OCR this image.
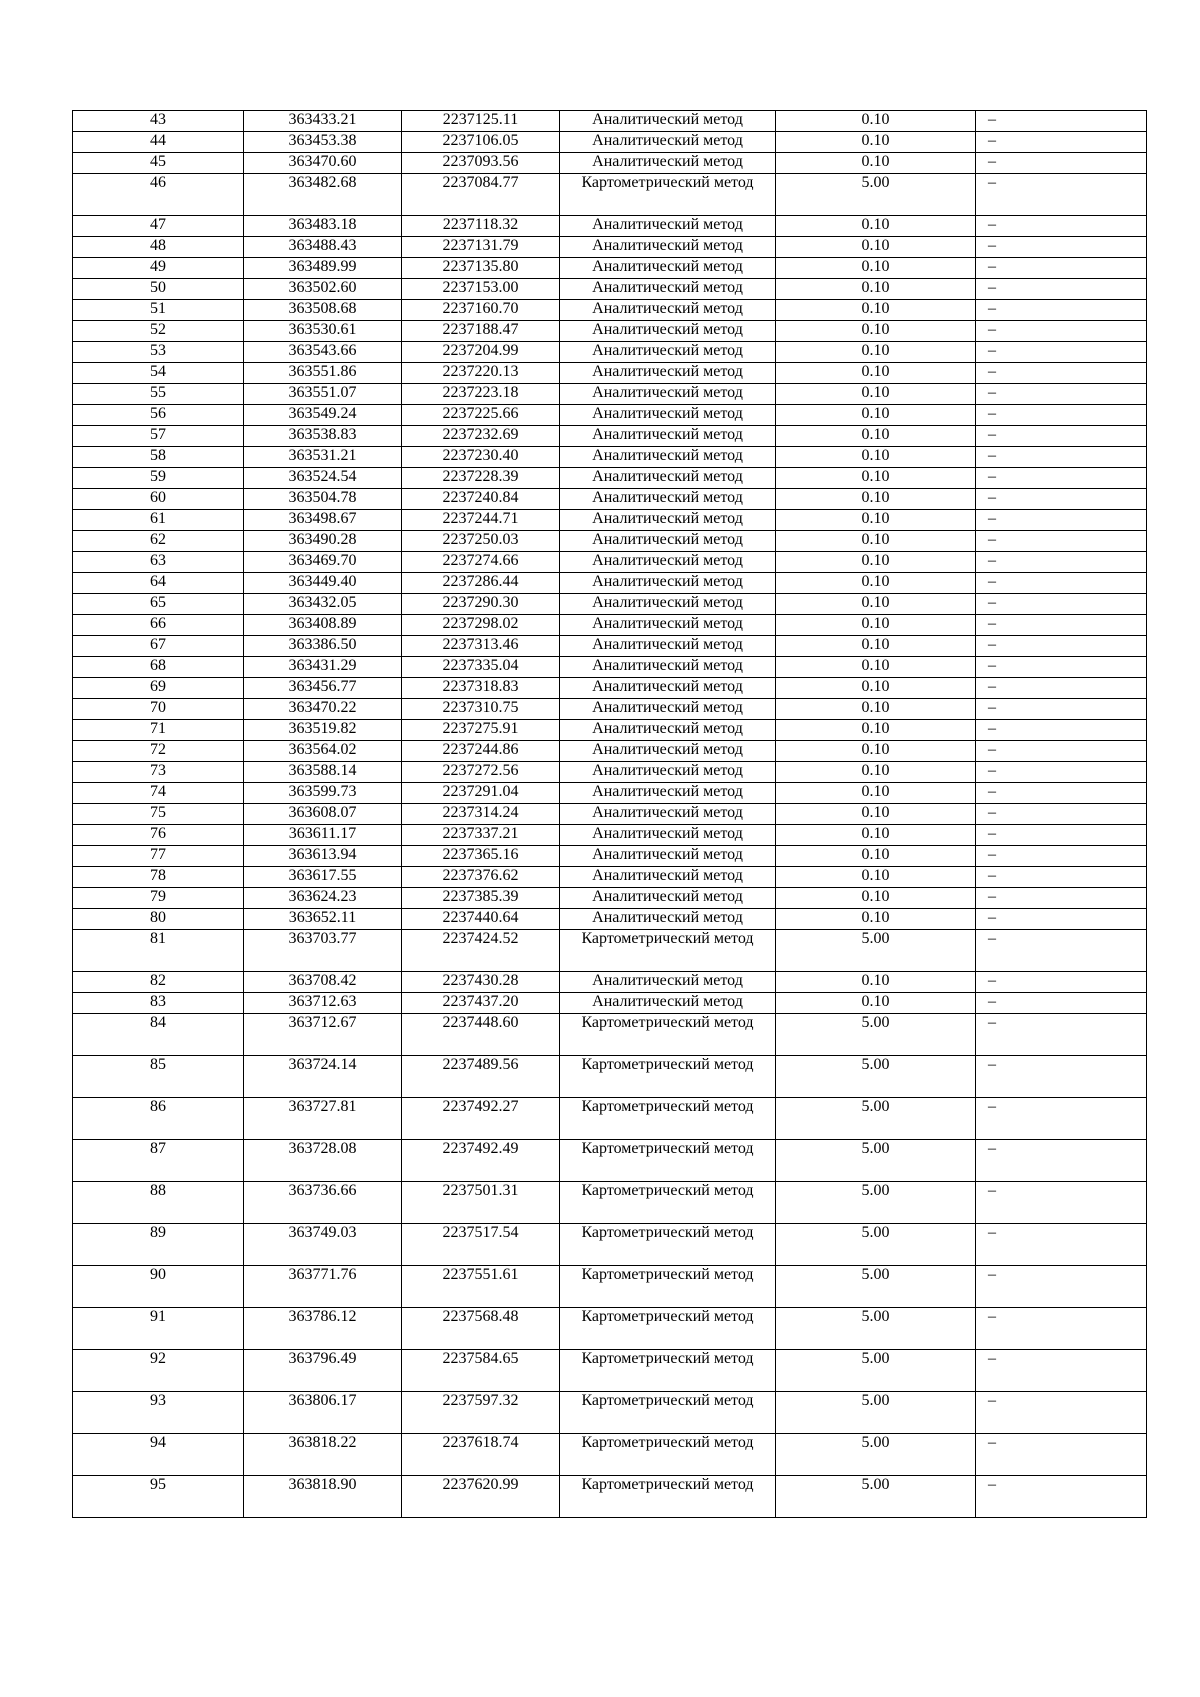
43	363433.21	2237125.11	Аналитический метод	0.10	–
44	363453.38	2237106.05	Аналитический метод	0.10	–
45	363470.60	2237093.56	Аналитический метод	0.10	–
46	363482.68	2237084.77	Картометрический метод	5.00	–
47	363483.18	2237118.32	Аналитический метод	0.10	–
48	363488.43	2237131.79	Аналитический метод	0.10	–
49	363489.99	2237135.80	Аналитический метод	0.10	–
50	363502.60	2237153.00	Аналитический метод	0.10	–
51	363508.68	2237160.70	Аналитический метод	0.10	–
52	363530.61	2237188.47	Аналитический метод	0.10	–
53	363543.66	2237204.99	Аналитический метод	0.10	–
54	363551.86	2237220.13	Аналитический метод	0.10	–
55	363551.07	2237223.18	Аналитический метод	0.10	–
56	363549.24	2237225.66	Аналитический метод	0.10	–
57	363538.83	2237232.69	Аналитический метод	0.10	–
58	363531.21	2237230.40	Аналитический метод	0.10	–
59	363524.54	2237228.39	Аналитический метод	0.10	–
60	363504.78	2237240.84	Аналитический метод	0.10	–
61	363498.67	2237244.71	Аналитический метод	0.10	–
62	363490.28	2237250.03	Аналитический метод	0.10	–
63	363469.70	2237274.66	Аналитический метод	0.10	–
64	363449.40	2237286.44	Аналитический метод	0.10	–
65	363432.05	2237290.30	Аналитический метод	0.10	–
66	363408.89	2237298.02	Аналитический метод	0.10	–
67	363386.50	2237313.46	Аналитический метод	0.10	–
68	363431.29	2237335.04	Аналитический метод	0.10	–
69	363456.77	2237318.83	Аналитический метод	0.10	–
70	363470.22	2237310.75	Аналитический метод	0.10	–
71	363519.82	2237275.91	Аналитический метод	0.10	–
72	363564.02	2237244.86	Аналитический метод	0.10	–
73	363588.14	2237272.56	Аналитический метод	0.10	–
74	363599.73	2237291.04	Аналитический метод	0.10	–
75	363608.07	2237314.24	Аналитический метод	0.10	–
76	363611.17	2237337.21	Аналитический метод	0.10	–
77	363613.94	2237365.16	Аналитический метод	0.10	–
78	363617.55	2237376.62	Аналитический метод	0.10	–
79	363624.23	2237385.39	Аналитический метод	0.10	–
80	363652.11	2237440.64	Аналитический метод	0.10	–
81	363703.77	2237424.52	Картометрический метод	5.00	–
82	363708.42	2237430.28	Аналитический метод	0.10	–
83	363712.63	2237437.20	Аналитический метод	0.10	–
84	363712.67	2237448.60	Картометрический метод	5.00	–
85	363724.14	2237489.56	Картометрический метод	5.00	–
86	363727.81	2237492.27	Картометрический метод	5.00	–
87	363728.08	2237492.49	Картометрический метод	5.00	–
88	363736.66	2237501.31	Картометрический метод	5.00	–
89	363749.03	2237517.54	Картометрический метод	5.00	–
90	363771.76	2237551.61	Картометрический метод	5.00	–
91	363786.12	2237568.48	Картометрический метод	5.00	–
92	363796.49	2237584.65	Картометрический метод	5.00	–
93	363806.17	2237597.32	Картометрический метод	5.00	–
94	363818.22	2237618.74	Картометрический метод	5.00	–
95	363818.90	2237620.99	Картометрический метод	5.00	–
